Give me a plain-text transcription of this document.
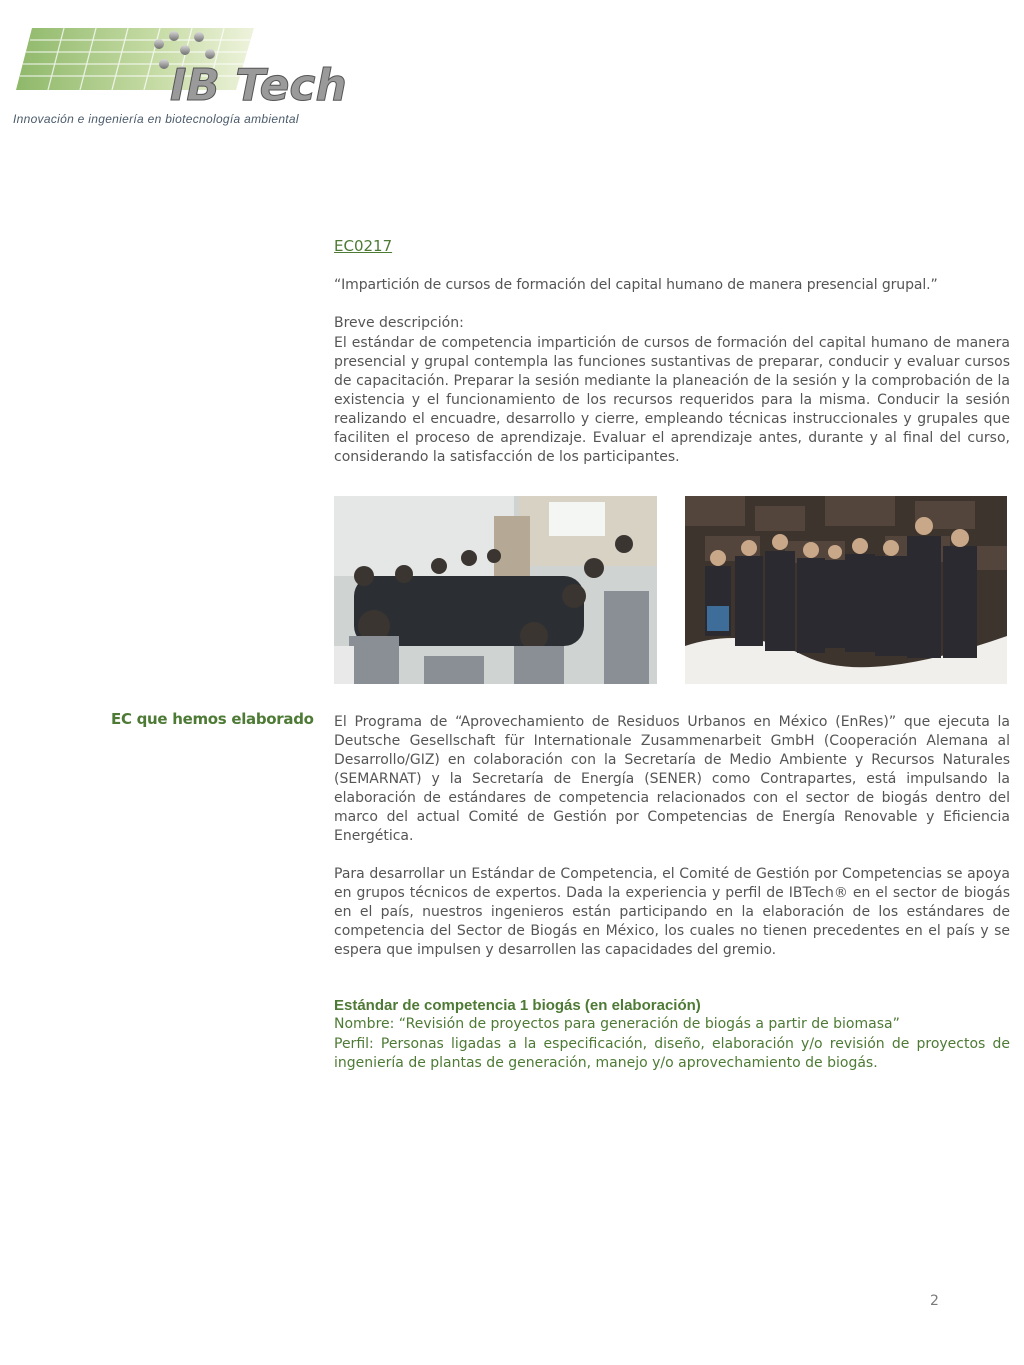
IB Tech
Innovación e ingeniería en biotecnología ambiental
EC0217
“Impartición de cursos de formación del capital humano de manera presencial grupal.”
Breve descripción:
El estándar de competencia impartición de cursos de formación del capital humano de manera presencial y grupal contempla las funciones sustantivas de preparar, conducir y evaluar cursos de capacitación. Preparar la sesión mediante la planeación de la sesión y la comprobación de la existencia y el funcionamiento de los recursos requeridos para la misma. Conducir la sesión realizando el encuadre, desarrollo y cierre, empleando técnicas instruccionales y grupales que faciliten el proceso de aprendizaje. Evaluar el aprendizaje antes, durante y al final del curso, considerando la satisfacción de los participantes.
EC que hemos elaborado El Programa de “Aprovechamiento de Residuos Urbanos en México (EnRes)” que ejecuta la Deutsche Gesellschaft für Internationale Zusammenarbeit GmbH (Cooperación Alemana al Desarrollo/GIZ) en colaboración con la Secretaría de Medio Ambiente y Recursos Naturales (SEMARNAT) y la Secretaría de Energía (SENER) como Contrapartes, está impulsando la elaboración de estándares de competencia relacionados con el sector de biogás dentro del marco del actual Comité de Gestión por Competencias de Energía Renovable y Eficiencia Energética.
Para desarrollar un Estándar de Competencia, el Comité de Gestión por Competencias se apoya en grupos técnicos de expertos. Dada la experiencia y perfil de IBTech® en el sector de biogás en el país, nuestros ingenieros están participando en la elaboración de los estándares de competencia del Sector de Biogás en México, los cuales no tienen precedentes en el país y se espera que impulsen y desarrollen las capacidades del gremio.
Estándar de competencia 1 biogás (en elaboración)
Nombre: “Revisión de proyectos para generación de biogás a partir de biomasa”
Perfil: Personas ligadas a la especificación, diseño, elaboración y/o revisión de proyectos de ingeniería de plantas de generación, manejo y/o aprovechamiento de biogás.
2
